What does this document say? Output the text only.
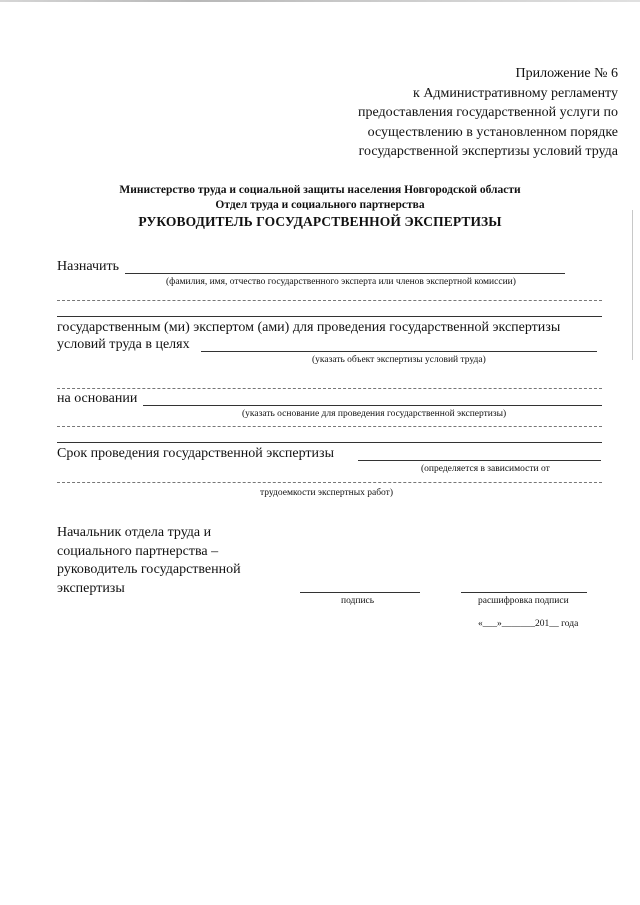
Приложение № 6
к Административному регламенту
предоставления государственной услуги по
осуществлению в установленном порядке
государственной экспертизы условий труда
Министерство труда и социальной защиты населения Новгородской области
Отдел труда и социального партнерства
РУКОВОДИТЕЛЬ ГОСУДАРСТВЕННОЙ ЭКСПЕРТИЗЫ
Назначить
(фамилия, имя, отчество государственного эксперта или членов экспертной комиссии)
государственным (ми) экспертом (ами) для проведения государственной экспертизы
условий труда в целях
(указать объект экспертизы условий труда)
на основании
(указать основание для проведения государственной экспертизы)
Срок проведения государственной экспертизы
(определяется в зависимости от
трудоемкости экспертных работ)
Начальник отдела труда и
социального партнерства –
руководитель государственной
экспертизы
подпись	расшифровка подписи
«___»_______201__ года
